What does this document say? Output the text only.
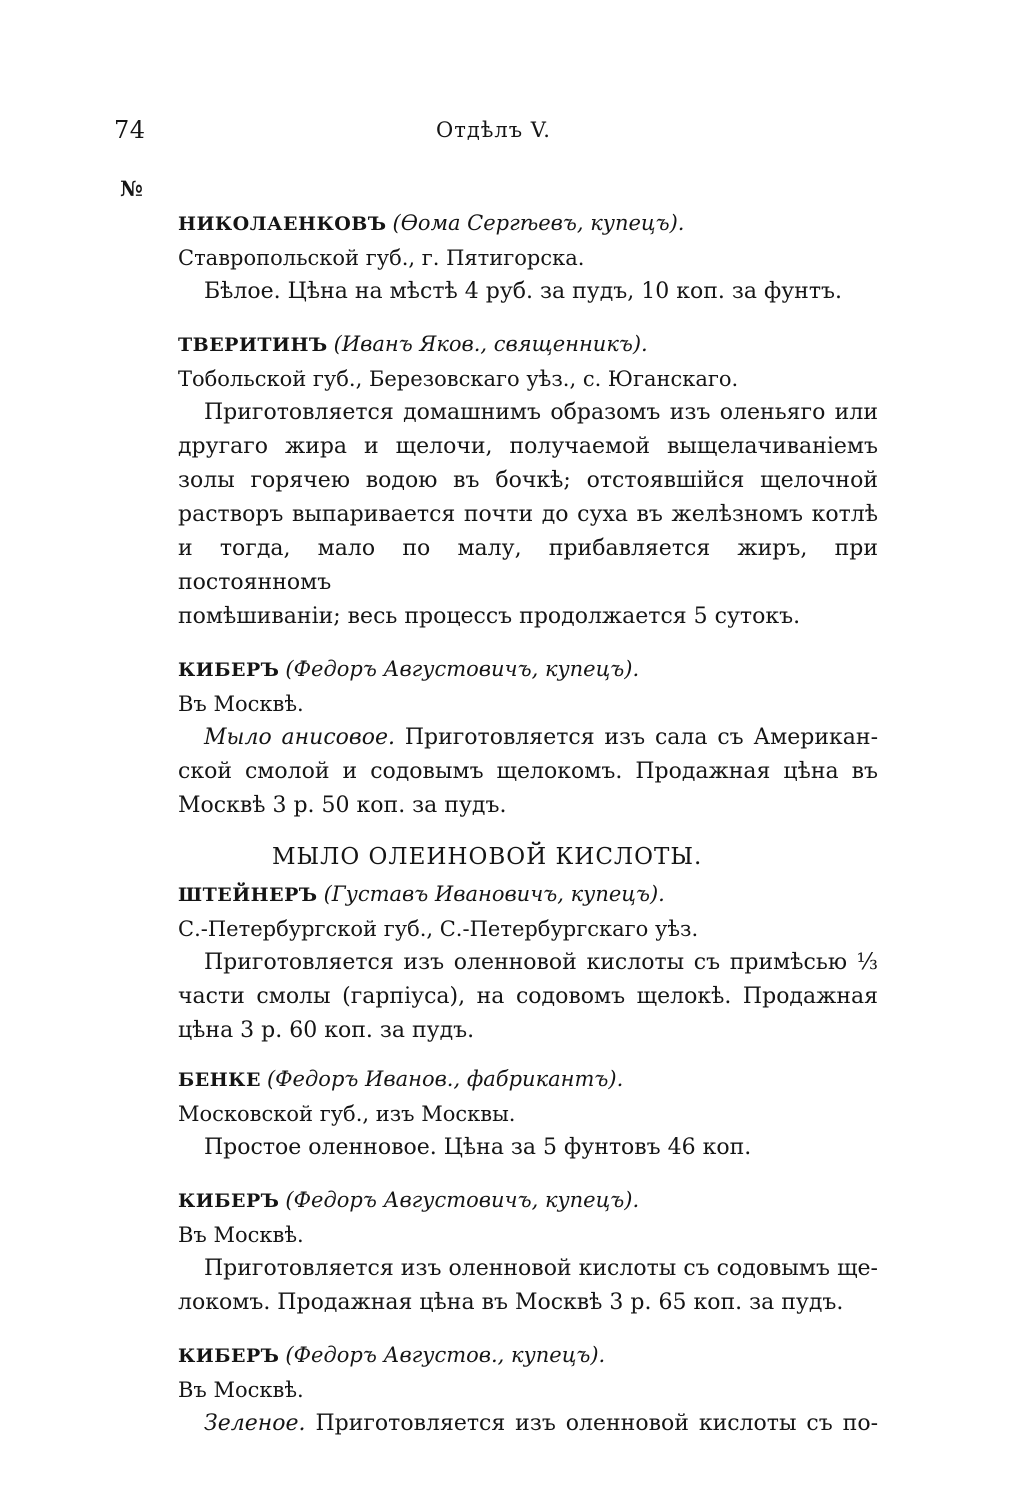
74	Отдѣлъ V.
№

НИКОЛАЕНКОВЪ (Ѳома Сергѣевъ, купецъ).

Ставропольской губ., г. Пятигорска.

Бѣлое. Цѣна на мѣстѣ 4 руб. за пудъ, 10 коп. за фунтъ.

ТВЕРИТИНЪ (Иванъ Яков., священникъ).

Тобольской губ., Березовскаго уѣз., с. Юганскаго.

Приготовляется домашнимъ образомъ изъ оленьяго или

другаго жира и щелочи, получаемой выщелачиваніемъ

золы горячею водою въ бочкѣ; отстоявшійся щелочной

растворъ выпаривается почти до суха въ желѣзномъ котлѣ

и тогда, мало по малу, прибавляется жиръ, при постоянномъ

помѣшиваніи; весь процессъ продолжается 5 сутокъ.

КИБЕРЪ (Федоръ Августовичъ, купецъ).

Въ Москвѣ.

Мыло анисовое. Приготовляется изъ сала съ Американ-

ской смолой и содовымъ щелокомъ. Продажная цѣна въ

Москвѣ 3 р. 50 коп. за пудъ.

МЫЛО ОЛЕИНОВОЙ КИСЛОТЫ.

ШТЕЙНЕРЪ (Густавъ Ивановичъ, купецъ).

С.-Петербургской губ., С.-Петербургскаго уѣз.

Приготовляется изъ оленновой кислоты съ примѣсью ⅓

части смолы (гарпіуса), на содовомъ щелокѣ. Продажная

цѣна 3 р. 60 коп. за пудъ.

БЕНКЕ (Федоръ Иванов., фабрикантъ).

Московской губ., изъ Москвы.

Простое оленновое. Цѣна за 5 фунтовъ 46 коп.

КИБЕРЪ (Федоръ Августовичъ, купецъ).

Въ Москвѣ.

Приготовляется изъ оленновой кислоты съ содовымъ ще-

локомъ. Продажная цѣна въ Москвѣ 3 р. 65 коп. за пудъ.

КИБЕРЪ (Федоръ Августов., купецъ).

Въ Москвѣ.

Зеленое. Приготовляется изъ оленновой кислоты съ по-
